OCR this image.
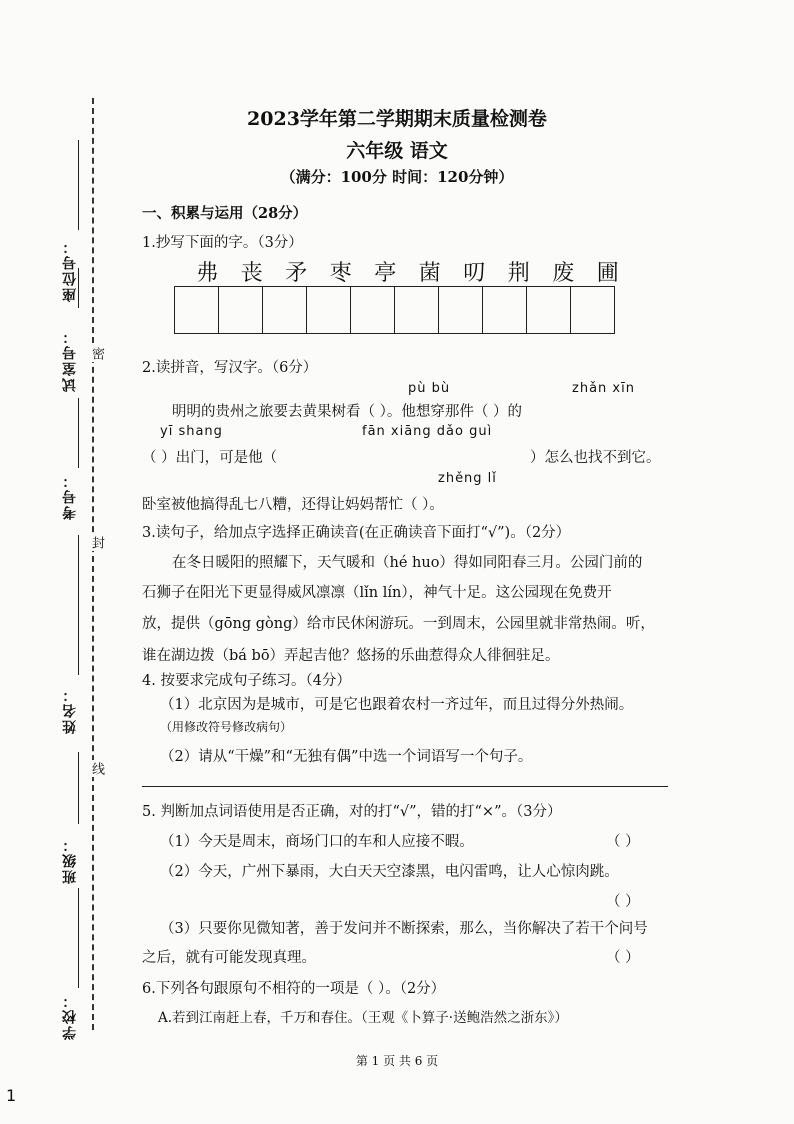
座位号：
试室号： 密
考号：
封
姓名：
线
班级：
学校：
2023学年第二学期期末质量检测卷
六年级 语文
（满分：100分 时间：120分钟）
一、积累与运用（28分）
1.抄写下面的字。（3分）
弗	丧	矛	枣	亭	菌	叨	荆	废	圃
2.读拼音，写汉字。（6分）
pù bù	zhǎn xīn
明明的贵州之旅要去黄果树看（ ）。他想穿那件（ ）的
yī shang	fān xiāng dǎo guì
（ ）出门，可是他（	）怎么也找不到它。
zhěng lǐ
卧室被他搞得乱七八糟，还得让妈妈帮忙（ ）。
3.读句子，给加点字选择正确读音(在正确读音下面打“√”)。（2分）
在冬日暖阳的照耀下，天气暖和（hé huo）得如同阳春三月。公园门前的
石狮子在阳光下更显得威风凛凛（lǐn lín），神气十足。这公园现在免费开
放，提供（gōng gòng）给市民休闲游玩。一到周末，公园里就非常热闹。听，
谁在湖边拨（bá bō）弄起吉他？悠扬的乐曲惹得众人徘徊驻足。
4. 按要求完成句子练习。（4分）
（1）北京因为是城市，可是它也跟着农村一齐过年，而且过得分外热闹。
（用修改符号修改病句）
（2）请从“干燥”和“无独有偶”中选一个词语写一个句子。
5. 判断加点词语使用是否正确，对的打“√”，错的打“×”。（3分）
（1）今天是周末，商场门口的车和人应接不暇。	（ ）
（2）今天，广州下暴雨，大白天天空漆黑，电闪雷鸣，让人心惊肉跳。
（ ）
（3）只要你见微知著，善于发问并不断探索，那么，当你解决了若干个问号
之后，就有可能发现真理。	（ ）
6.下列各句跟原句不相符的一项是（ ）。（2分）
A.若到江南赶上春，千万和春住。（王观《卜算子·送鲍浩然之浙东》）
第 1 页 共 6 页
1
